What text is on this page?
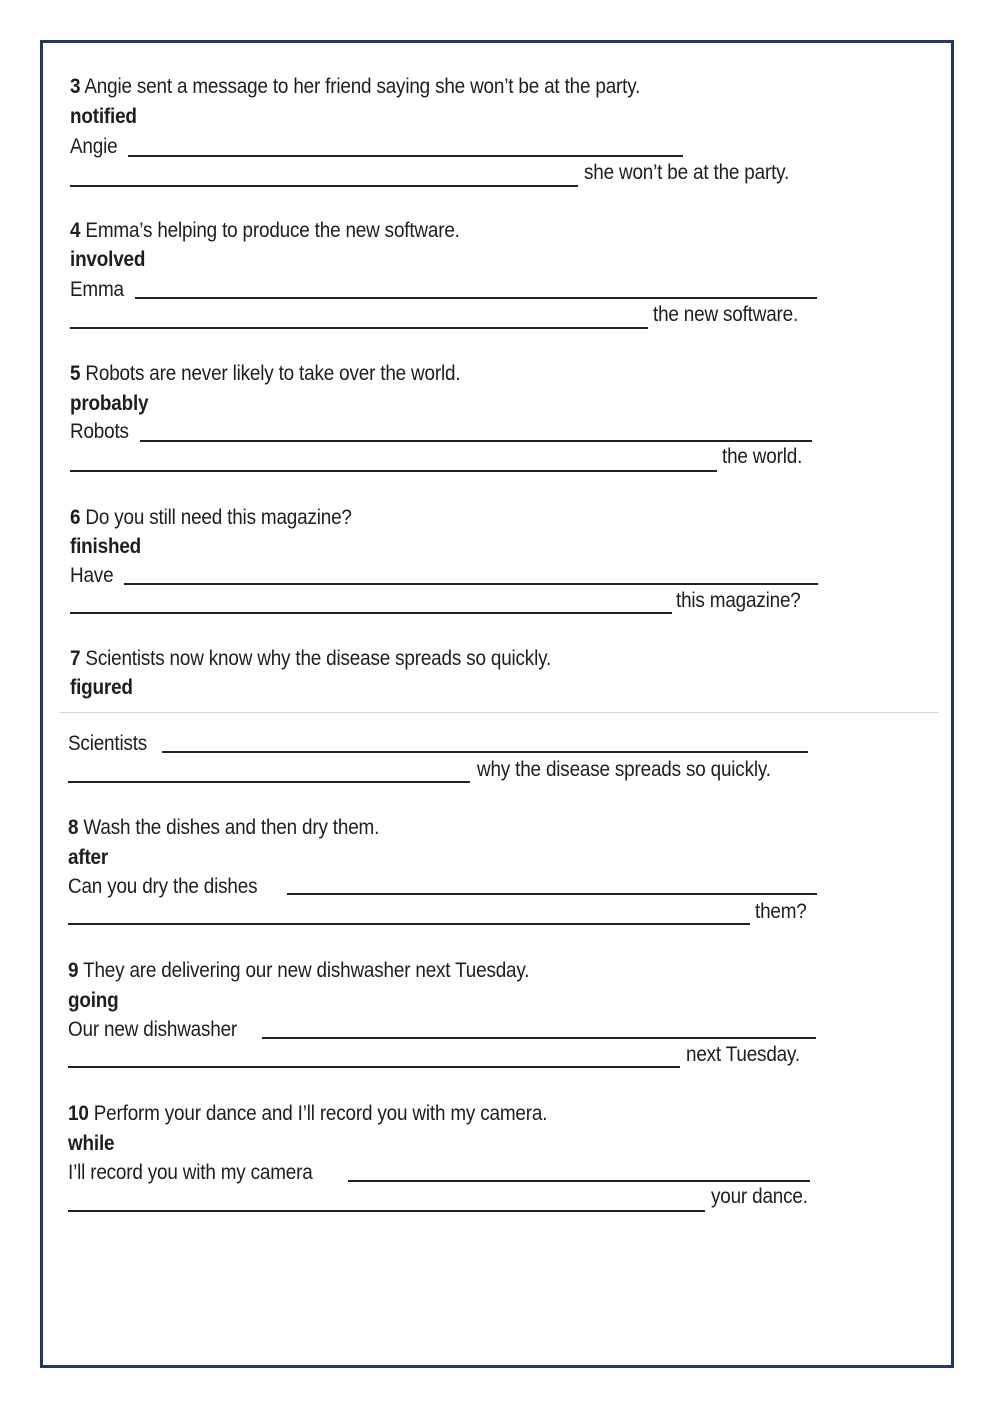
3 Angie sent a message to her friend saying she won’t be at the party.
notified
Angie
she won’t be at the party.
4 Emma’s helping to produce the new software.
involved
Emma
the new software.
5 Robots are never likely to take over the world.
probably
Robots
the world.
6 Do you still need this magazine?
finished
Have
this magazine?
7 Scientists now know why the disease spreads so quickly.
figured
Scientists
why the disease spreads so quickly.
8 Wash the dishes and then dry them.
after
Can you dry the dishes
them?
9 They are delivering our new dishwasher next Tuesday.
going
Our new dishwasher
next Tuesday.
10 Perform your dance and I’ll record you with my camera.
while
I’ll record you with my camera
your dance.
